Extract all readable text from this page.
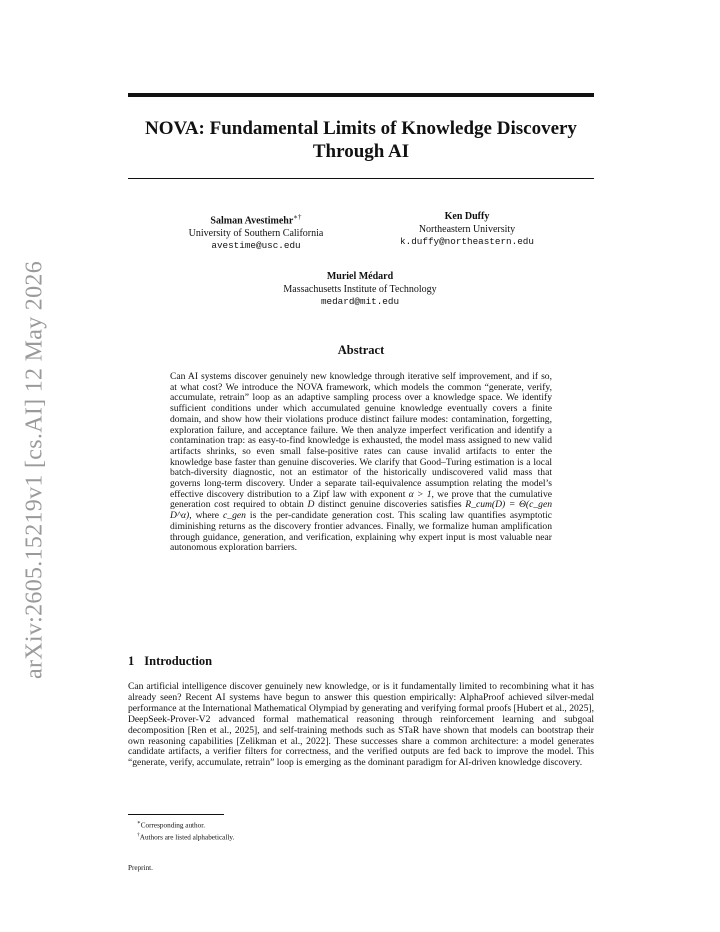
arXiv:2605.15219v1 [cs.AI] 12 May 2026
NOVA: Fundamental Limits of Knowledge Discovery
Through AI
Salman Avestimehr∗†
University of Southern California
avestime@usc.edu
Ken Duffy
Northeastern University
k.duffy@northeastern.edu
Muriel Médard
Massachusetts Institute of Technology
medard@mit.edu
Abstract

Can AI systems discover genuinely new knowledge through iterative self improvement, and if so, at what cost? We introduce the NOVA framework, which models the common “generate, verify, accumulate, retrain” loop as an adaptive sampling process over a knowledge space. We identify sufficient conditions under which accumulated genuine knowledge eventually covers a finite domain, and show how their violations produce distinct failure modes: contamination, forgetting, exploration failure, and acceptance failure. We then analyze imperfect verification and identify a contamination trap: as easy-to-find knowledge is exhausted, the model mass assigned to new valid artifacts shrinks, so even small false-positive rates can cause invalid artifacts to enter the knowledge base faster than genuine discoveries. We clarify that Good–Turing estimation is a local batch-diversity diagnostic, not an estimator of the historically undiscovered valid mass that governs long-term discovery. Under a separate tail-equivalence assumption relating the model’s effective discovery distribution to a Zipf law with exponent α > 1, we prove that the cumulative generation cost required to obtain D distinct genuine discoveries satisfies R_cum(D) = Θ(c_gen D^α), where c_gen is the per-candidate generation cost. This scaling law quantifies asymptotic diminishing returns as the discovery frontier advances. Finally, we formalize human amplification through guidance, generation, and verification, explaining why expert input is most valuable near autonomous exploration barriers.

1 Introduction

Can artificial intelligence discover genuinely new knowledge, or is it fundamentally limited to recombining what it has already seen? Recent AI systems have begun to answer this question empirically: AlphaProof achieved silver-medal performance at the International Mathematical Olympiad by generating and verifying formal proofs [Hubert et al., 2025], DeepSeek-Prover-V2 advanced formal mathematical reasoning through reinforcement learning and subgoal decomposition [Ren et al., 2025], and self-training methods such as STaR have shown that models can bootstrap their own reasoning capabilities [Zelikman et al., 2022]. These successes share a common architecture: a model generates candidate artifacts, a verifier filters for correctness, and the verified outputs are fed back to improve the model. This “generate, verify, accumulate, retrain” loop is emerging as the dominant paradigm for AI-driven knowledge discovery.

∗Corresponding author.
†Authors are listed alphabetically.
Preprint.
